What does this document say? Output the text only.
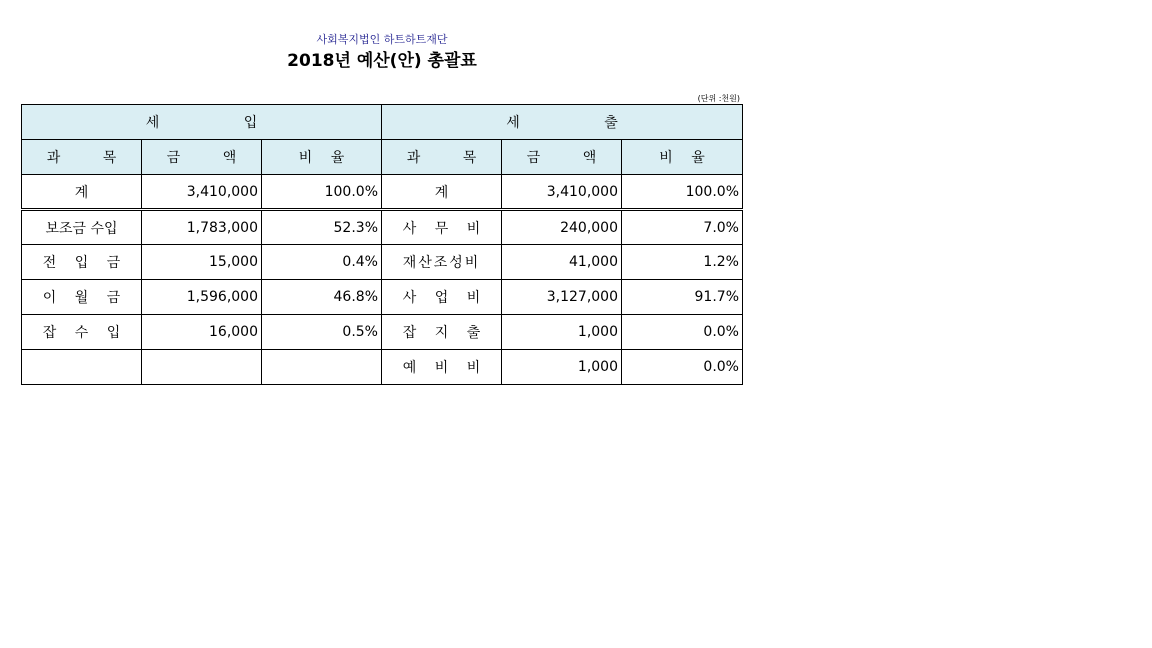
사회복지법인 하트하트재단
2018년 예산(안) 총괄표
(단위 :천원)
세 입			세 출		
과 목	금 액	비 율	과 목	금 액	비 율
계	3,410,000	100.0%	계	3,410,000	100.0%
보조금 수입	1,783,000	52.3%	사 무 비	240,000	7.0%
전 입 금	15,000	0.4%	재산조성비	41,000	1.2%
이 월 금	1,596,000	46.8%	사 업 비	3,127,000	91.7%
잡 수 입	16,000	0.5%	잡 지 출	1,000	0.0%
			예 비 비	1,000	0.0%
